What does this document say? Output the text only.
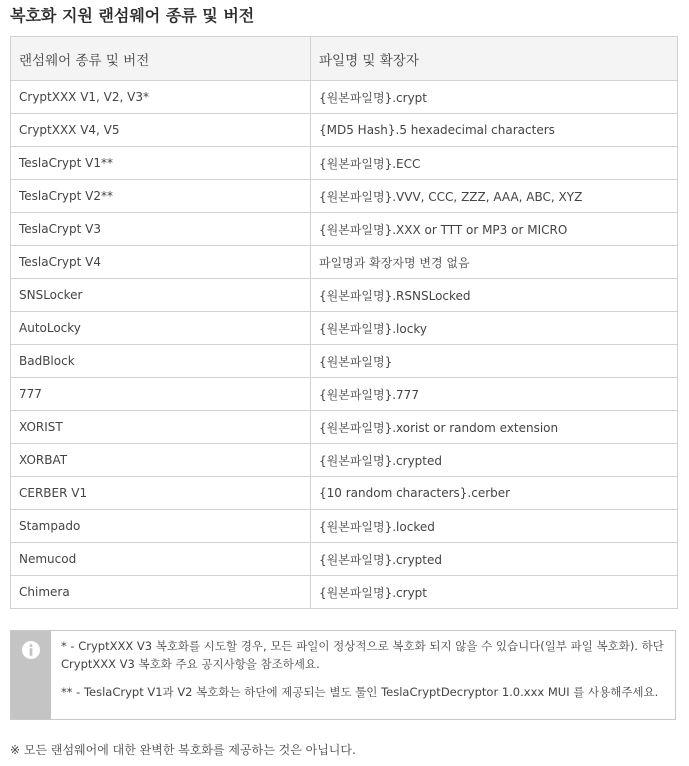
복호화 지원 랜섬웨어 종류 및 버전
랜섬웨어 종류 및 버전	파일명 및 확장자
CryptXXX V1, V2, V3*	{원본파일명}.crypt
CryptXXX V4, V5	{MD5 Hash}.5 hexadecimal characters
TeslaCrypt V1**	{원본파일명}.ECC
TeslaCrypt V2**	{원본파일명}.VVV, CCC, ZZZ, AAA, ABC, XYZ
TeslaCrypt V3	{원본파일명}.XXX or TTT or MP3 or MICRO
TeslaCrypt V4	파일명과 확장자명 변경 없음
SNSLocker	{원본파일명}.RSNSLocked
AutoLocky	{원본파일명}.locky
BadBlock	{원본파일명}
777	{원본파일명}.777
XORIST	{원본파일명}.xorist or random extension
XORBAT	{원본파일명}.crypted
CERBER V1	{10 random characters}.cerber
Stampado	{원본파일명}.locked
Nemucod	{원본파일명}.crypted
Chimera	{원본파일명}.crypt

* - CryptXXX V3 복호화를 시도할 경우, 모든 파일이 정상적으로 복호화 되지 않을 수 있습니다(일부 파일 복호화). 하단 CryptXXX V3 복호화 주요 공지사항을 참조하세요.

** - TeslaCrypt V1과 V2 복호화는 하단에 제공되는 별도 툴인 TeslaCryptDecryptor 1.0.xxx MUI 를 사용해주세요.

※ 모든 랜섬웨어에 대한 완벽한 복호화를 제공하는 것은 아닙니다.
